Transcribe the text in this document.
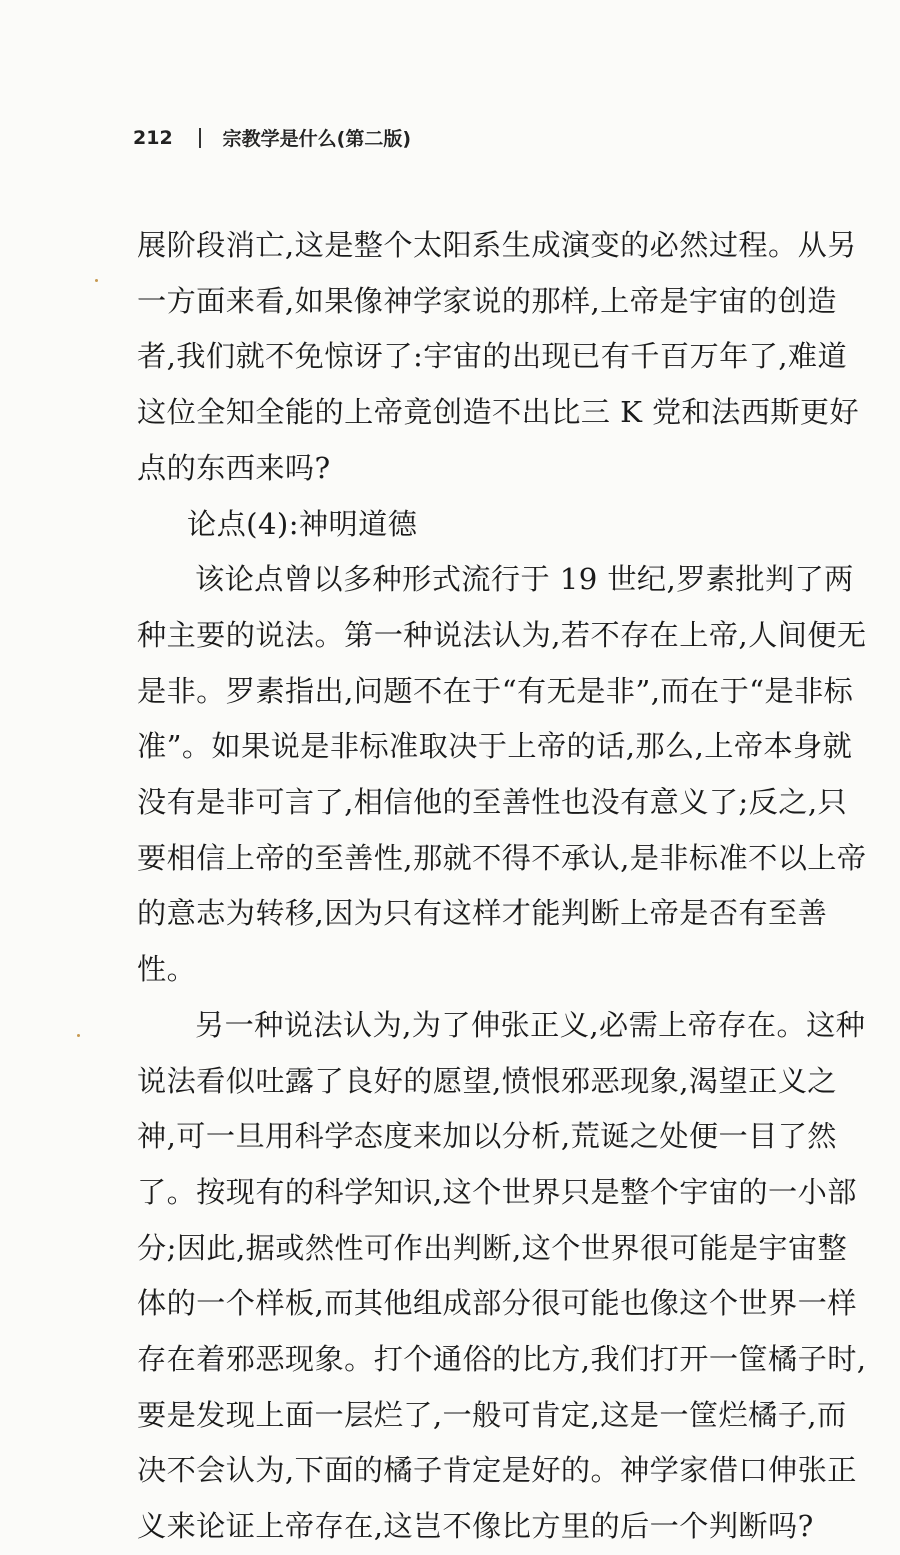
212	宗教学是什么(第二版)

展阶段消亡,这是整个太阳系生成演变的必然过程。从另一方面来看,如果像神学家说的那样,上帝是宇宙的创造者,我们就不免惊讶了:宇宙的出现已有千百万年了,难道这位全知全能的上帝竟创造不出比三 K 党和法西斯更好点的东西来吗?

论点(4):神明道德

该论点曾以多种形式流行于 19 世纪,罗素批判了两种主要的说法。第一种说法认为,若不存在上帝,人间便无是非。罗素指出,问题不在于“有无是非”,而在于“是非标准”。如果说是非标准取决于上帝的话,那么,上帝本身就没有是非可言了,相信他的至善性也没有意义了;反之,只要相信上帝的至善性,那就不得不承认,是非标准不以上帝的意志为转移,因为只有这样才能判断上帝是否有至善性。

另一种说法认为,为了伸张正义,必需上帝存在。这种说法看似吐露了良好的愿望,愤恨邪恶现象,渴望正义之神,可一旦用科学态度来加以分析,荒诞之处便一目了然了。按现有的科学知识,这个世界只是整个宇宙的一小部分;因此,据或然性可作出判断,这个世界很可能是宇宙整体的一个样板,而其他组成部分很可能也像这个世界一样存在着邪恶现象。打个通俗的比方,我们打开一筐橘子时,要是发现上面一层烂了,一般可肯定,这是一筐烂橘子,而决不会认为,下面的橘子肯定是好的。神学家借口伸张正义来论证上帝存在,这岂不像比方里的后一个判断吗?
